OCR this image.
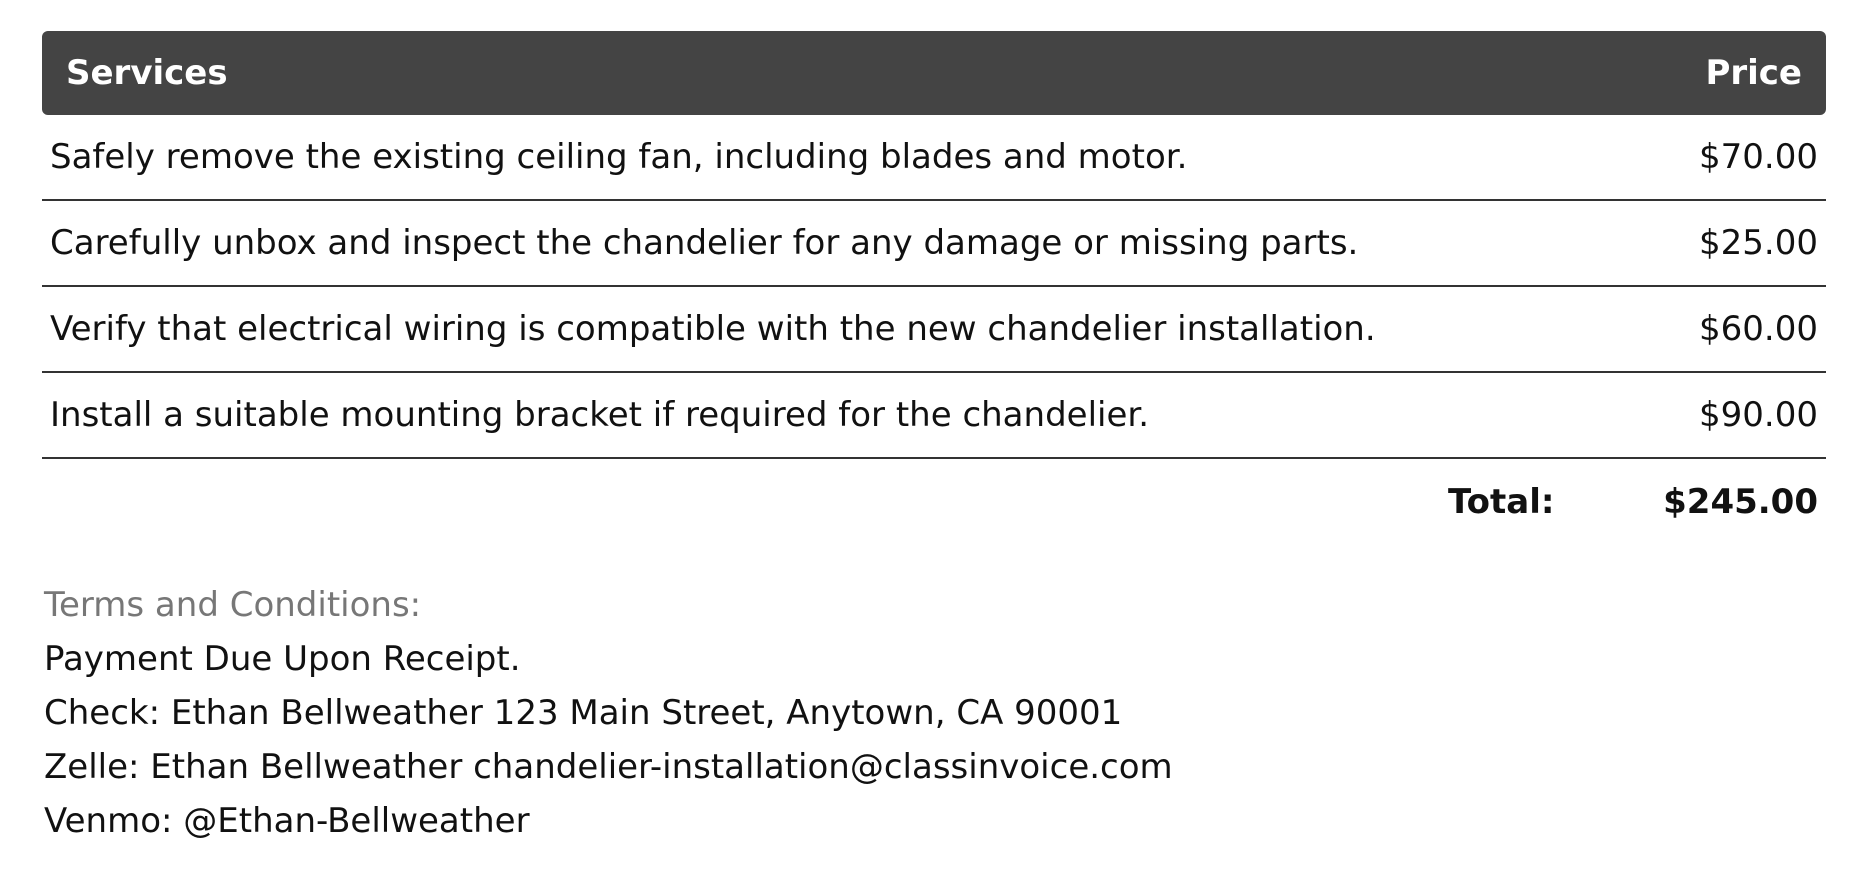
Services	Price
Safely remove the existing ceiling fan, including blades and motor.	$70.00
Carefully unbox and inspect the chandelier for any damage or missing parts.	$25.00
Verify that electrical wiring is compatible with the new chandelier installation.	$60.00
Install a suitable mounting bracket if required for the chandelier.	$90.00
Total:	$245.00
Terms and Conditions:
Payment Due Upon Receipt.
Check: Ethan Bellweather 123 Main Street, Anytown, CA 90001
Zelle: Ethan Bellweather chandelier-installation@classinvoice.com
Venmo: @Ethan-Bellweather
